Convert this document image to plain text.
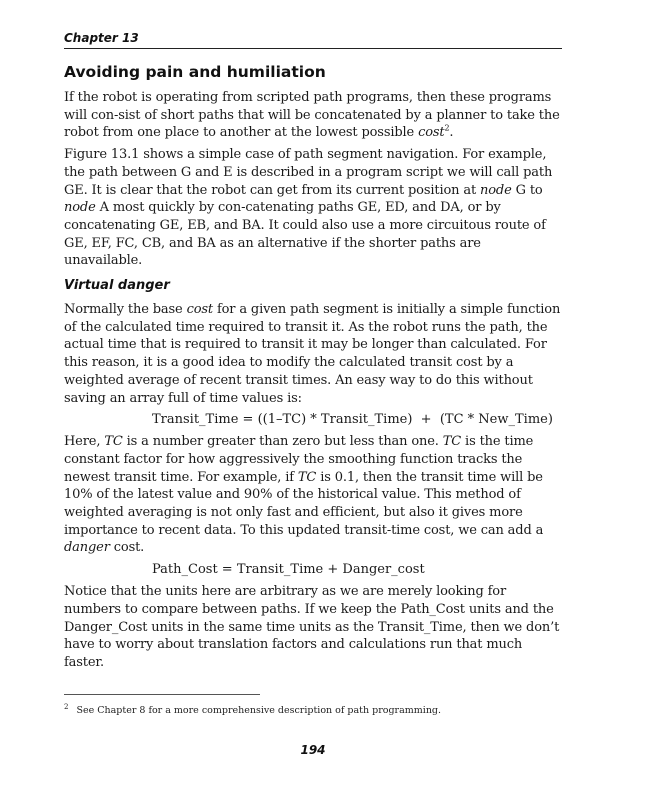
Chapter 13
Avoiding pain and humiliation

If the robot is operating from scripted path programs, then these programs will con-sist of short paths that will be concatenated by a planner to take the robot from one place to another at the lowest possible cost$^2$.

Figure 13.1 shows a simple case of path segment navigation. For example, the path between G and E is described in a program script we will call path GE. It is clear that the robot can get from its current position at node G to node A most quickly by con-catenating paths GE, ED, and DA, or by concatenating GE, EB, and BA. It could also use a more circuitous route of GE, EF, FC, CB, and BA as an alternative if the shorter paths are unavailable.

Virtual danger

Normally the base cost for a given path segment is initially a simple function of the calculated time required to transit it. As the robot runs the path, the actual time that is required to transit it may be longer than calculated. For this reason, it is a good idea to modify the calculated transit cost by a weighted average of recent transit times. An easy way to do this without saving an array full of time values is:

Transit_Time = ((1–TC) * Transit_Time)  +  (TC * New_Time)

Here, TC is a number greater than zero but less than one. TC is the time constant factor for how aggressively the smoothing function tracks the newest transit time. For example, if TC is 0.1, then the transit time will be 10% of the latest value and 90% of the historical value. This method of weighted averaging is not only fast and efficient, but also it gives more importance to recent data. To this updated transit-time cost, we can add a danger cost.

Path_Cost = Transit_Time + Danger_cost

Notice that the units here are arbitrary as we are merely looking for numbers to compare between paths. If we keep the Path_Cost units and the Danger_Cost units in the same time units as the Transit_Time, then we don’t have to worry about translation factors and calculations run that much faster.

$^2$ See Chapter 8 for a more comprehensive description of path programming.
194
